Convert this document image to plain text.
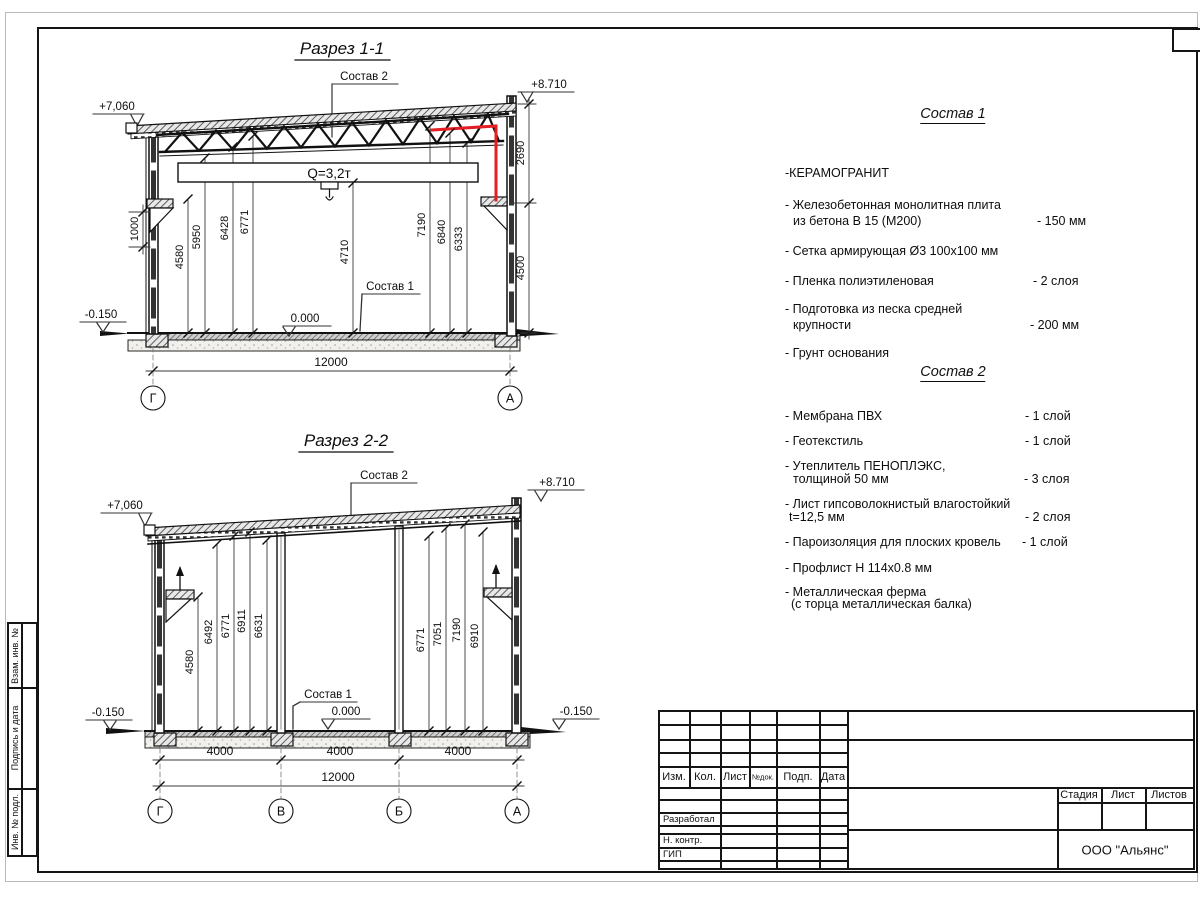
Разрез 1-1
Состав 2
+8.710
+7,060
Q=3,2т
1000
4580
5950 6428 6771
4710
7190 6840 6333
2690
4500
0.000
-0.150
Состав 1
12000
Г	А
Разрез 2-2
Состав 2
+8.710
+7,060
4580
6492 6771 6911 6631
6771 7051 7190 6910
Состав 1
0.000
-0.150	-0.150
4000	4000	4000
12000
Г	В	Б	А
Состав 1
-КЕРАМОГРАНИТ
- Железобетонная монолитная плита
из бетона В 15 (М200)	- 150 мм
- Сетка армирующая Ø3 100х100 мм
- Пленка полиэтиленовая	- 2 слоя
- Подготовка из песка средней
крупности	- 200 мм
- Грунт основания
Состав 2
- Мембрана ПВХ	- 1 слой
- Геотекстиль	- 1 слой
- Утеплитель ПЕНОПЛЭКС,
толщиной 50 мм	- 3 слоя
- Лист гипсоволокнистый влагостойкий
t=12,5 мм	- 2 слоя
- Пароизоляция для плоских кровель - 1 слой
- Профлист Н 114х0.8 мм
- Металлическая ферма
(с торца металлическая балка)
Изм. Кол. Лист №док. Подп. Дата
Разработал
Н. контр.
ГИП
Стадия Лист Листов
ООО "Альянс"
Взам. инв. №
Подпись и дата
Инв. № подл.
